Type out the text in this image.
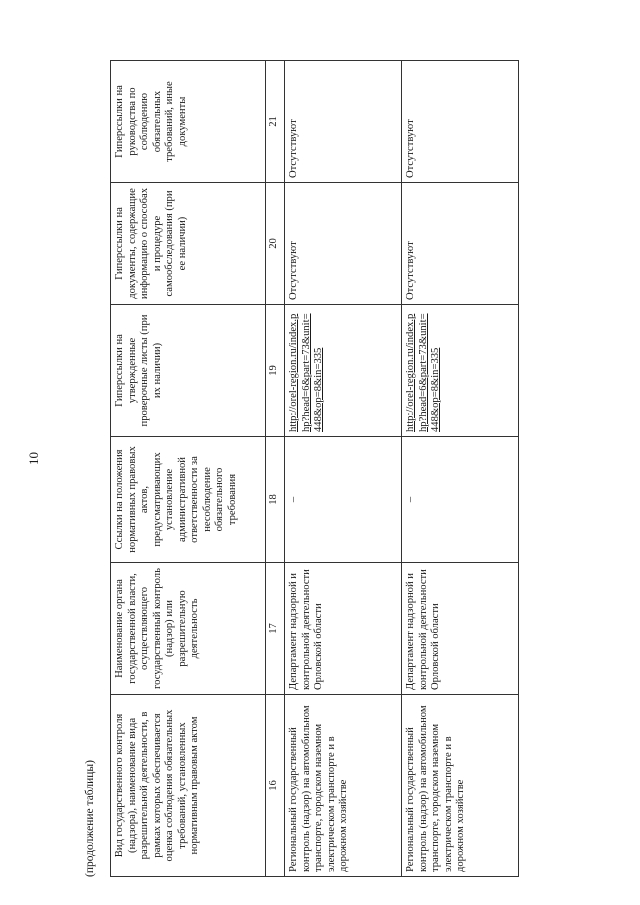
10
(продолжение таблицы) Вид государственного контроля (надзора), наименование вида разрешительной деятельности, в рамках которых обеспечивается оценка соблюдения обязательных требований, установленных нормативным правовым актом	Наименование органа государственной власти, осуществляющего государственный контроль (надзор) или разрешительную деятельность	Ссылки на положения нормативных правовых актов, предусматривающих установление административной ответственности за несоблюдение обязательного требования	Гиперссылки на утвержденные проверочные листы (при их наличии)	Гиперссылки на документы, содержащие информацию о способах и процедуре самообследования (при ее наличии)	Гиперссылки на руководства по соблюдению обязательных требований, иные документы
16	17	18	19	20	21
Региональный государственный контроль (надзор) на автомобильном транспорте, городском наземном электрическом транспорте и в дорожном хозяйстве	Департамент надзорной и контрольной деятельности Орловской области	–	http://orel-region.ru/index.php?head=6&part=73&unit=448&op=8&in=335	Отсутствуют	Отсутствуют
Региональный государственный контроль (надзор) на автомобильном транспорте, городском наземном электрическом транспорте и в дорожном хозяйстве	Департамент надзорной и контрольной деятельности Орловской области	–	http://orel-region.ru/index.php?head=6&part=73&unit=448&op=8&in=335	Отсутствуют	Отсутствуют
